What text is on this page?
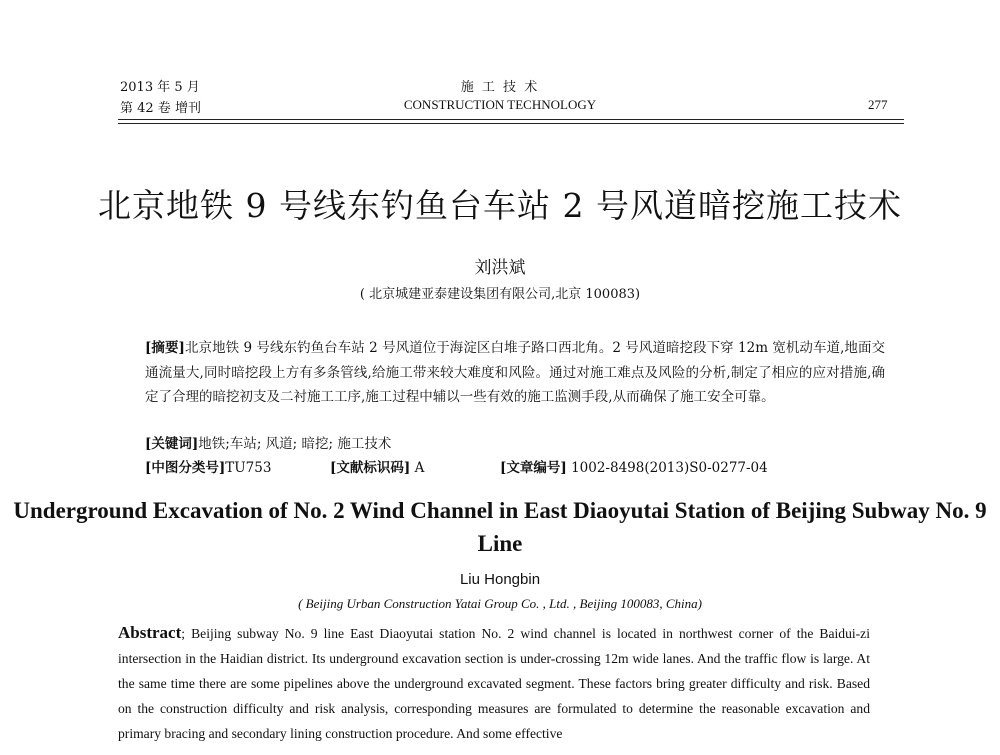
2013 年 5 月
第 42 卷 增刊
施 工 技 术
CONSTRUCTION TECHNOLOGY	277
北京地铁 9 号线东钓鱼台车站 2 号风道暗挖施工技术
刘洪斌
( 北京城建亚泰建设集团有限公司,北京 100083)
[摘要]北京地铁 9 号线东钓鱼台车站 2 号风道位于海淀区白堆子路口西北角。2 号风道暗挖段下穿 12m 宽机动车道,地面交通流量大,同时暗挖段上方有多条管线,给施工带来较大难度和风险。通过对施工难点及风险的分析,制定了相应的应对措施,确定了合理的暗挖初支及二衬施工工序,施工过程中辅以一些有效的施工监测手段,从而确保了施工安全可靠。
[关键词]地铁;车站; 风道; 暗挖; 施工技术
[中图分类号]TU753	[文献标识码] A	[文章编号] 1002-8498(2013)S0-0277-04
Underground Excavation of No. 2 Wind Channel in East Diaoyutai Station of Beijing Subway No. 9 Line
Liu Hongbin
( Beijing Urban Construction Yatai Group Co. , Ltd. , Beijing 100083, China)
Abstract; Beijing subway No. 9 line East Diaoyutai station No. 2 wind channel is located in northwest corner of the Baidui-zi intersection in the Haidian district. Its underground excavation section is under-crossing 12m wide lanes. And the traffic flow is large. At the same time there are some pipelines above the underground excavated segment. These factors bring greater difficulty and risk. Based on the construction difficulty and risk analysis, corresponding measures are formulated to determine the reasonable excavation and primary bracing and secondary lining construction procedure. And some effective
